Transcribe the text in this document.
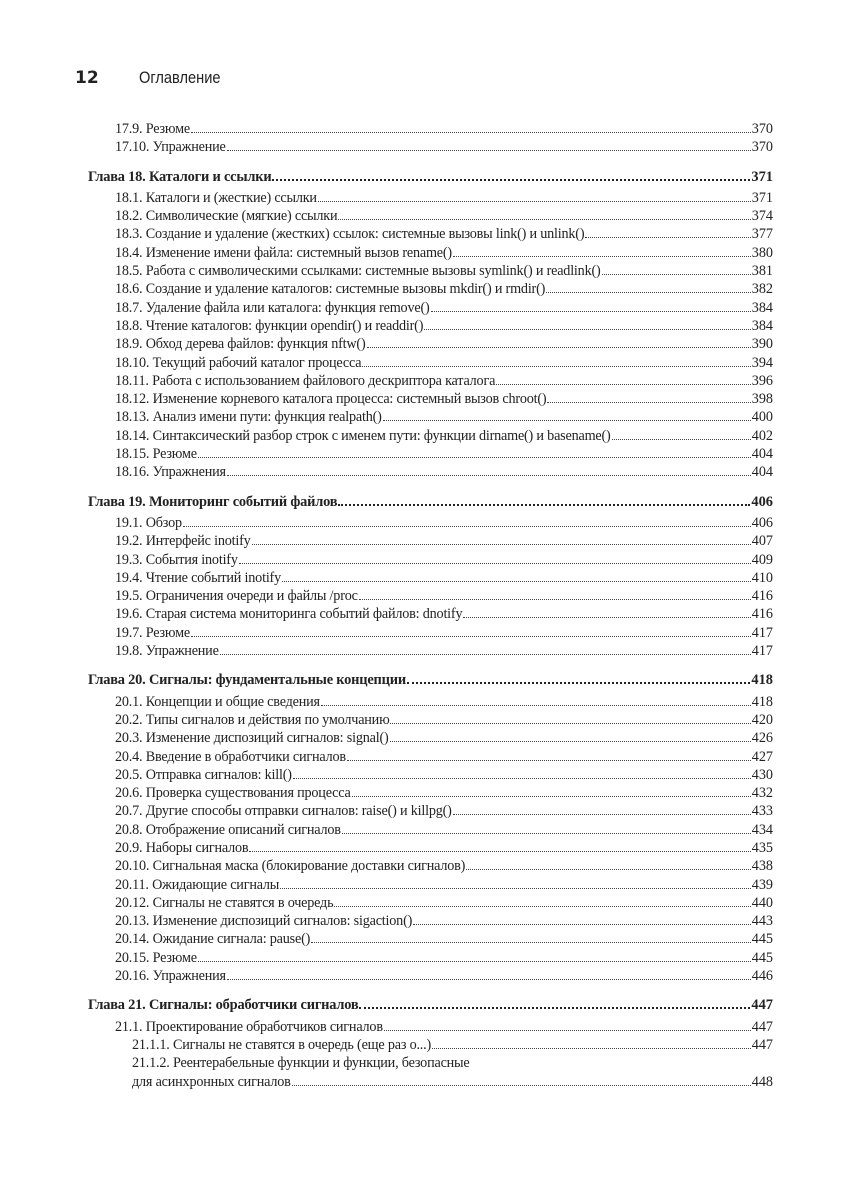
12	Оглавление
17.9. Резюме	370
17.10. Упражнение	370
Глава 18. Каталоги и ссылки	371
18.1. Каталоги и (жесткие) ссылки	371
18.2. Символические (мягкие) ссылки	374
18.3. Создание и удаление (жестких) ссылок: системные вызовы link() и unlink()	377
18.4. Изменение имени файла: системный вызов rename()	380
18.5. Работа с символическими ссылками: системные вызовы symlink() и readlink()	381
18.6. Создание и удаление каталогов: системные вызовы mkdir() и rmdir()	382
18.7. Удаление файла или каталога: функция remove()	384
18.8. Чтение каталогов: функции opendir() и readdir()	384
18.9. Обход дерева файлов: функция nftw()	390
18.10. Текущий рабочий каталог процесса	394
18.11. Работа с использованием файлового дескриптора каталога	396
18.12. Изменение корневого каталога процесса: системный вызов chroot()	398
18.13. Анализ имени пути: функция realpath()	400
18.14. Синтаксический разбор строк с именем пути: функции dirname() и basename()	402
18.15. Резюме	404
18.16. Упражнения	404
Глава 19. Мониторинг событий файлов	406
19.1. Обзор	406
19.2. Интерфейс inotify	407
19.3. События inotify	409
19.4. Чтение событий inotify	410
19.5. Ограничения очереди и файлы /proc	416
19.6. Старая система мониторинга событий файлов: dnotify	416
19.7. Резюме	417
19.8. Упражнение	417
Глава 20. Сигналы: фундаментальные концепции	418
20.1. Концепции и общие сведения	418
20.2. Типы сигналов и действия по умолчанию	420
20.3. Изменение диспозиций сигналов: signal()	426
20.4. Введение в обработчики сигналов	427
20.5. Отправка сигналов: kill()	430
20.6. Проверка существования процесса	432
20.7. Другие способы отправки сигналов: raise() и killpg()	433
20.8. Отображение описаний сигналов	434
20.9. Наборы сигналов	435
20.10. Сигнальная маска (блокирование доставки сигналов)	438
20.11. Ожидающие сигналы	439
20.12. Сигналы не ставятся в очередь	440
20.13. Изменение диспозиций сигналов: sigaction()	443
20.14. Ожидание сигнала: pause()	445
20.15. Резюме	445
20.16. Упражнения	446
Глава 21. Сигналы: обработчики сигналов	447
21.1. Проектирование обработчиков сигналов	447
21.1.1. Сигналы не ставятся в очередь (еще раз о...)	447
21.1.2. Реентерабельные функции и функции, безопасные
для асинхронных сигналов	448
